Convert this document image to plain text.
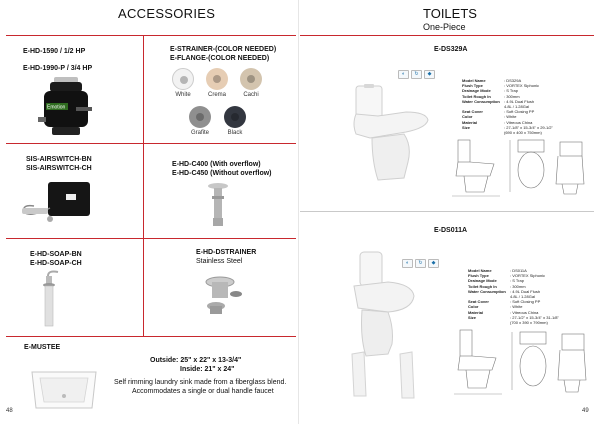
ACCESSORIES
E-HD-1590 / 1/2 HP
E-HD-1990-P / 3/4 HP
Emotion
E-STRAINER-(COLOR NEEDED)
E-FLANGE-(COLOR NEEDED)
White	Crema	Cachi
Grafite	Black
SIS-AIRSWITCH-BN
SIS-AIRSWITCH-CH
E-HD-C400 (With overflow)
E-HD-C450 (Without overflow)
E-HD-SOAP-BN
E-HD-SOAP-CH
E-HD-DSTRAINER
Stainless Steel
E-MUSTEE
Outside: 25" x 22" x 13-3/4"
Inside: 21" x 24"
Self rimming laundry sink made from a fiberglass blend.
Accommodates a single or dual handle faucet
48
TOILETS
One-Piece
E-DS329A
◐	↻	◆
Model Name	: DS329A
Flush Type	: VORTEX Siphonic
Drainage Mode	: S Trap
Toilet Rough In	: 300mm
Water Consumption : 4.9L Dual Flush
4.8L / 1.28Gal
Seat Cover	: Soft Closing PP
Color	: White
Material	: Vitreous China
Size	: 27-1/8" x 15-3/4" x 29-1/2"
(690 x 400 x 750mm)
E-DS011A
◐	↻	◆
Model Name	: DS011A
Flush Type	: VORTEX Siphonic
Drainage Mode	: S Trap
Toilet Rough In	: 300mm
Water Consumption : 4.9L Dual Flush
4.8L / 1.28Gal
Seat Cover	: Soft Closing PP
Color	: White
Material	: Vitreous China
Size	: 27-1/2" x 15-3/4" x 31-1/8"
(700 x 390 x 790mm)
49
